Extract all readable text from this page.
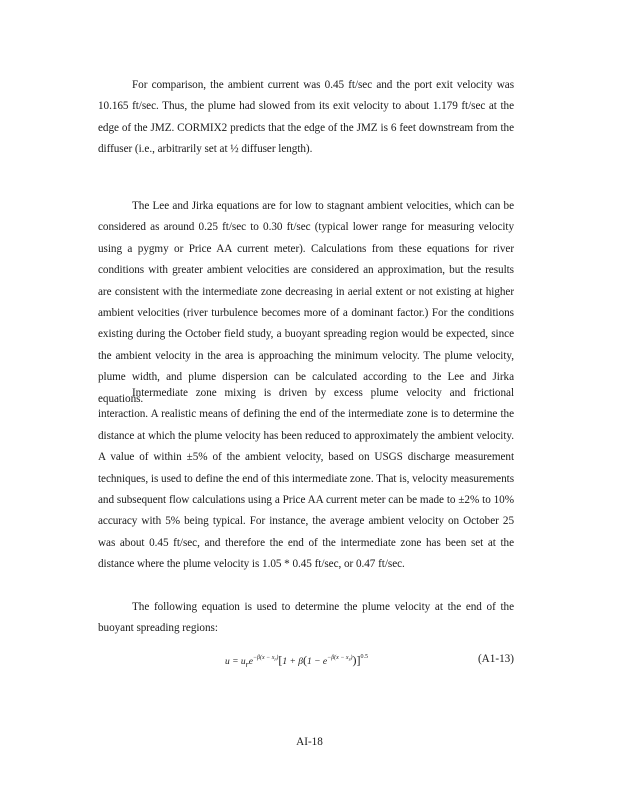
For comparison, the ambient current was 0.45 ft/sec and the port exit velocity was 10.165 ft/sec. Thus, the plume had slowed from its exit velocity to about 1.179 ft/sec at the edge of the JMZ. CORMIX2 predicts that the edge of the JMZ is 6 feet downstream from the diffuser (i.e., arbitrarily set at ½ diffuser length).

The Lee and Jirka equations are for low to stagnant ambient velocities, which can be considered as around 0.25 ft/sec to 0.30 ft/sec (typical lower range for measuring velocity using a pygmy or Price AA current meter). Calculations from these equations for river conditions with greater ambient velocities are considered an approximation, but the results are consistent with the intermediate zone decreasing in aerial extent or not existing at higher ambient velocities (river turbulence becomes more of a dominant factor.) For the conditions existing during the October field study, a buoyant spreading region would be expected, since the ambient velocity in the area is approaching the minimum velocity. The plume velocity, plume width, and plume dispersion can be calculated according to the Lee and Jirka equations.

Intermediate zone mixing is driven by excess plume velocity and frictional interaction. A realistic means of defining the end of the intermediate zone is to determine the distance at which the plume velocity has been reduced to approximately the ambient velocity. A value of within ±5% of the ambient velocity, based on USGS discharge measurement techniques, is used to define the end of this intermediate zone. That is, velocity measurements and subsequent flow calculations using a Price AA current meter can be made to ±2% to 10% accuracy with 5% being typical. For instance, the average ambient velocity on October 25 was about 0.45 ft/sec, and therefore the end of the intermediate zone has been set at the distance where the plume velocity is 1.05 * 0.45 ft/sec, or 0.47 ft/sec.

The following equation is used to determine the plume velocity at the end of the buoyant spreading regions:

$u = u_re^{-\beta(x - x_r)}[1 + \beta(1 - e^{-\beta(x - x_r)})]^{0.5}$	(A1-13)
AI-18
